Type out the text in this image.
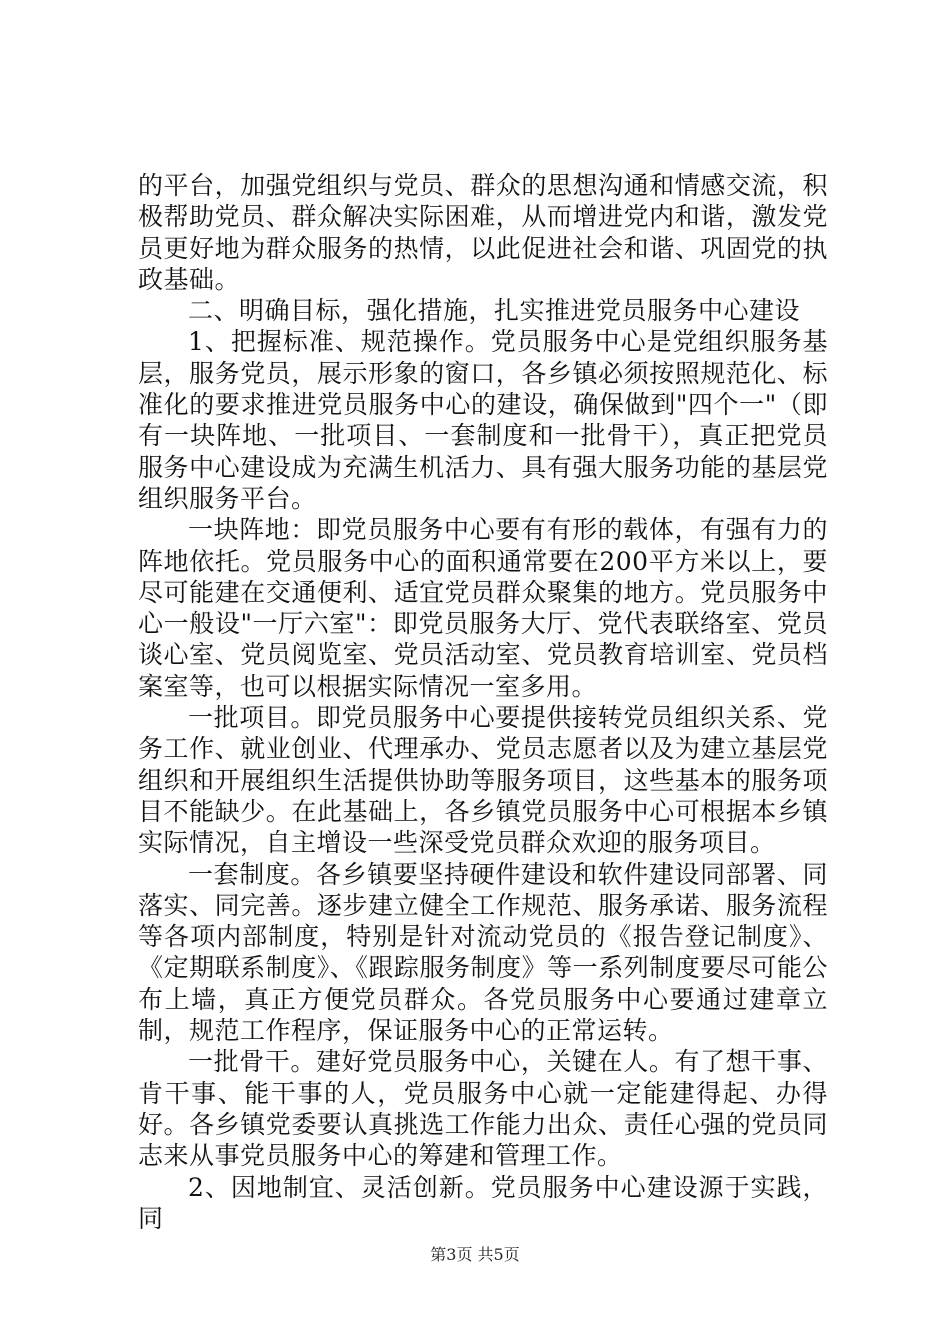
的平台，加强党组织与党员、群众的思想沟通和情感交流，积极帮助党员、群众解决实际困难，从而增进党内和谐，激发党员更好地为群众服务的热情，以此促进社会和谐、巩固党的执政基础。

二、明确目标，强化措施，扎实推进党员服务中心建设

1、把握标准、规范操作。党员服务中心是党组织服务基层，服务党员，展示形象的窗口，各乡镇必须按照规范化、标准化的要求推进党员服务中心的建设，确保做到"四个一"（即有一块阵地、一批项目、一套制度和一批骨干），真正把党员服务中心建设成为充满生机活力、具有强大服务功能的基层党组织服务平台。

一块阵地：即党员服务中心要有有形的载体，有强有力的阵地依托。党员服务中心的面积通常要在200平方米以上，要尽可能建在交通便利、适宜党员群众聚集的地方。党员服务中心一般设"一厅六室"：即党员服务大厅、党代表联络室、党员谈心室、党员阅览室、党员活动室、党员教育培训室、党员档案室等，也可以根据实际情况一室多用。

一批项目。即党员服务中心要提供接转党员组织关系、党务工作、就业创业、代理承办、党员志愿者以及为建立基层党组织和开展组织生活提供协助等服务项目，这些基本的服务项目不能缺少。在此基础上，各乡镇党员服务中心可根据本乡镇实际情况，自主增设一些深受党员群众欢迎的服务项目。

一套制度。各乡镇要坚持硬件建设和软件建设同部署、同落实、同完善。逐步建立健全工作规范、服务承诺、服务流程等各项内部制度，特别是针对流动党员的《报告登记制度》、《定期联系制度》、《跟踪服务制度》等一系列制度要尽可能公布上墙，真正方便党员群众。各党员服务中心要通过建章立制，规范工作程序，保证服务中心的正常运转。

一批骨干。建好党员服务中心，关键在人。有了想干事、肯干事、能干事的人，党员服务中心就一定能建得起、办得好。各乡镇党委要认真挑选工作能力出众、责任心强的党员同志来从事党员服务中心的筹建和管理工作。

2、因地制宜、灵活创新。党员服务中心建设源于实践，同

第3页 共5页
